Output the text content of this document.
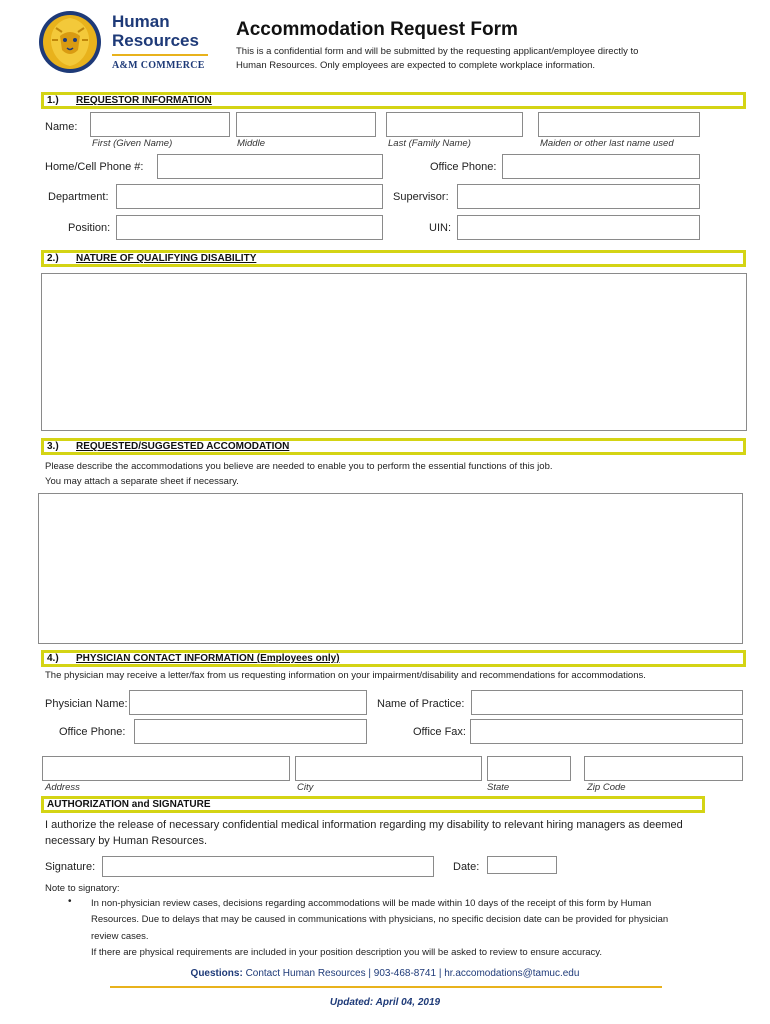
Human
Resources
A&M COMMERCE
Accommodation Request Form
This is a confidential form and will be submitted by the requesting applicant/employee directly to
Human Resources. Only employees are expected to complete workplace information.
1.) REQUESTOR INFORMATION
Name:
First (Given Name)	Middle	Last (Family Name)	Maiden or other last name used
Home/Cell Phone #:	Office Phone:
Department:	Supervisor:
Position:	UIN:
2.) NATURE OF QUALIFYING DISABILITY
3.) REQUESTED/SUGGESTED ACCOMODATION
Please describe the accommodations you believe are needed to enable you to perform the essential functions of this job.
You may attach a separate sheet if necessary.
4.) PHYSICIAN CONTACT INFORMATION (Employees only)
The physician may receive a letter/fax from us requesting information on your impairment/disability and recommendations for accommodations.
Physician Name:	Name of Practice:
Office Phone:	Office Fax:
Address	City	State	Zip Code
AUTHORIZATION and SIGNATURE
I authorize the release of necessary confidential medical information regarding my disability to relevant hiring managers as deemed
necessary by Human Resources.
Signature:	Date:
Note to signatory:
• In non-physician review cases, decisions regarding accommodations will be made within 10 days of the receipt of this form by Human
Resources. Due to delays that may be caused in communications with physicians, no specific decision date can be provided for physician
review cases.
If there are physical requirements are included in your position description you will be asked to review to ensure accuracy.
Questions: Contact Human Resources | 903-468-8741 | hr.accomodations@tamuc.edu
Updated: April 04, 2019
